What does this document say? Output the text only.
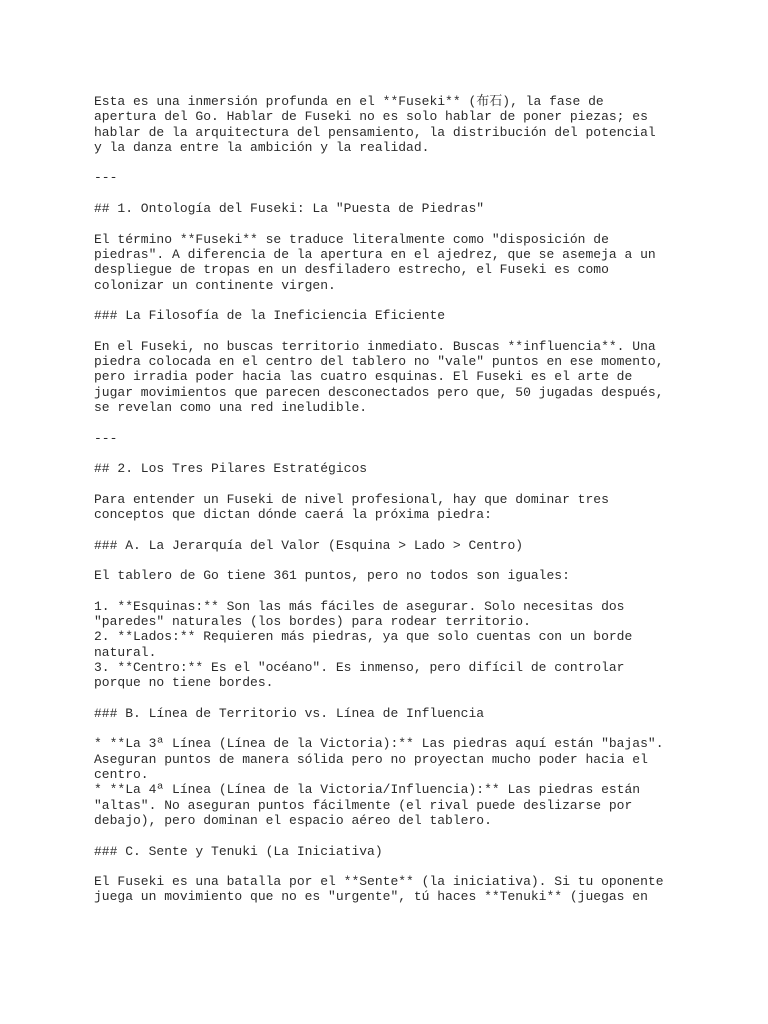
Esta es una inmersión profunda en el **Fuseki** (布石), la fase de
apertura del Go. Hablar de Fuseki no es solo hablar de poner piezas; es
hablar de la arquitectura del pensamiento, la distribución del potencial
y la danza entre la ambición y la realidad.
---
## 1. Ontología del Fuseki: La "Puesta de Piedras"
El término **Fuseki** se traduce literalmente como "disposición de
piedras". A diferencia de la apertura en el ajedrez, que se asemeja a un
despliegue de tropas en un desfiladero estrecho, el Fuseki es como
colonizar un continente virgen.
### La Filosofía de la Ineficiencia Eficiente
En el Fuseki, no buscas territorio inmediato. Buscas **influencia**. Una
piedra colocada en el centro del tablero no "vale" puntos en ese momento,
pero irradia poder hacia las cuatro esquinas. El Fuseki es el arte de
jugar movimientos que parecen desconectados pero que, 50 jugadas después,
se revelan como una red ineludible.
---
## 2. Los Tres Pilares Estratégicos
Para entender un Fuseki de nivel profesional, hay que dominar tres
conceptos que dictan dónde caerá la próxima piedra:
### A. La Jerarquía del Valor (Esquina > Lado > Centro)
El tablero de Go tiene 361 puntos, pero no todos son iguales:
1. **Esquinas:** Son las más fáciles de asegurar. Solo necesitas dos
"paredes" naturales (los bordes) para rodear territorio.
2. **Lados:** Requieren más piedras, ya que solo cuentas con un borde
natural.
3. **Centro:** Es el "océano". Es inmenso, pero difícil de controlar
porque no tiene bordes.
### B. Línea de Territorio vs. Línea de Influencia
* **La 3ª Línea (Línea de la Victoria):** Las piedras aquí están "bajas".
Aseguran puntos de manera sólida pero no proyectan mucho poder hacia el
centro.
* **La 4ª Línea (Línea de la Victoria/Influencia):** Las piedras están
"altas". No aseguran puntos fácilmente (el rival puede deslizarse por
debajo), pero dominan el espacio aéreo del tablero.
### C. Sente y Tenuki (La Iniciativa)
El Fuseki es una batalla por el **Sente** (la iniciativa). Si tu oponente
juega un movimiento que no es "urgente", tú haces **Tenuki** (juegas en
